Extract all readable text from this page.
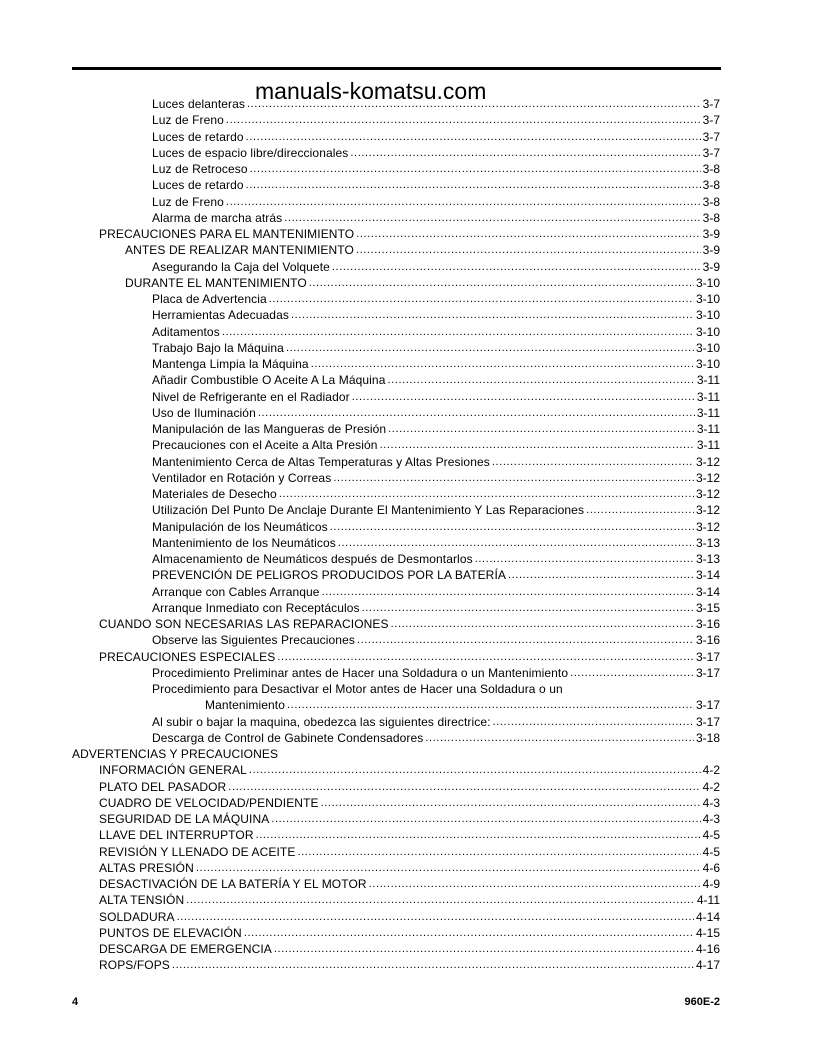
manuals-komatsu.com
Luces delanteras .....	3-7
Luz de Freno .....	3-7
Luces de retardo .....	3-7
Luces de espacio libre/direccionales .....	3-7
Luz de Retroceso .....	3-8
Luces de retardo .....	3-8
Luz de Freno .....	3-8
Alarma de marcha atrás .....	3-8
PRECAUCIONES PARA EL MANTENIMIENTO .....	3-9
ANTES DE REALIZAR MANTENIMIENTO .....	3-9
Asegurando la Caja del Volquete .....	3-9
DURANTE EL MANTENIMIENTO .....	3-10
Placa de Advertencia .....	3-10
Herramientas Adecuadas .....	3-10
Aditamentos .....	3-10
Trabajo Bajo la Máquina .....	3-10
Mantenga Limpia la Máquina .....	3-10
Añadir Combustible O Aceite A La Máquina .....	3-11
Nivel de Refrigerante en el Radiador .....	3-11
Uso de Iluminación .....	3-11
Manipulación de las Mangueras de Presión .....	3-11
Precauciones con el Aceite a Alta Presión .....	3-11
Mantenimiento Cerca de Altas Temperaturas y Altas Presiones .....	3-12
Ventilador en Rotación y Correas .....	3-12
Materiales de Desecho .....	3-12
Utilización Del Punto De Anclaje Durante El Mantenimiento Y Las Reparaciones .....	3-12
Manipulación de los Neumáticos .....	3-12
Mantenimiento de los Neumáticos .....	3-13
Almacenamiento de Neumáticos después de Desmontarlos .....	3-13
PREVENCIÓN DE PELIGROS PRODUCIDOS POR LA BATERÍA .....	3-14
Arranque con Cables Arranque .....	3-14
Arranque Inmediato con Receptáculos .....	3-15
CUANDO SON NECESARIAS LAS REPARACIONES .....	3-16
Observe las Siguientes Precauciones .....	3-16
PRECAUCIONES ESPECIALES .....	3-17
Procedimiento Preliminar antes de Hacer una Soldadura o un Mantenimiento .....	3-17
Procedimiento para Desactivar el Motor antes de Hacer una Soldadura o un
Mantenimiento .....	3-17
Al subir o bajar la maquina, obedezca las siguientes directrice: .....	3-17
Descarga de Control de Gabinete Condensadores .....	3-18
ADVERTENCIAS Y PRECAUCIONES
INFORMACIÓN GENERAL .....	4-2
PLATO DEL PASADOR .....	4-2
CUADRO DE VELOCIDAD/PENDIENTE .....	4-3
SEGURIDAD DE LA MÁQUINA .....	4-3
LLAVE DEL INTERRUPTOR .....	4-5
REVISIÓN Y LLENADO DE ACEITE .....	4-5
ALTAS PRESIÓN .....	4-6
DESACTIVACIÓN DE LA BATERÍA Y EL MOTOR .....	4-9
ALTA TENSIÓN .....	4-11
SOLDADURA .....	4-14
PUNTOS DE ELEVACIÓN .....	4-15
DESCARGA DE EMERGENCIA .....	4-16
ROPS/FOPS .....	4-17
4	960E-2
